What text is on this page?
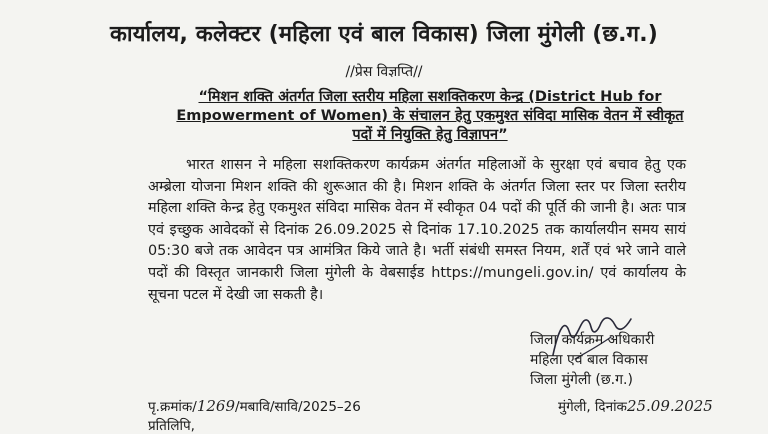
कार्यालय, कलेक्टर (महिला एवं बाल विकास) जिला मुंगेली (छ.ग.)
//प्रेस विज्ञप्ति//
“मिशन शक्ति अंतर्गत जिला स्तरीय महिला सशक्तिकरण केन्द्र (District Hub for
Empowerment of Women) के संचालन हेतु एकमुश्त संविदा मासिक वेतन में स्वीकृत
पदों में नियुक्ति हेतु विज्ञापन”

भारत शासन ने महिला सशक्तिकरण कार्यक्रम अंतर्गत महिलाओं के सुरक्षा एवं बचाव हेतु एक अम्ब्रेला योजना मिशन शक्ति की शुरूआत की है। मिशन शक्ति के अंतर्गत जिला स्तर पर जिला स्तरीय महिला शक्ति केन्द्र हेतु एकमुश्त संविदा मासिक वेतन में स्वीकृत 04 पदों की पूर्ति की जानी है। अतः पात्र एवं इच्छुक आवेदकों से दिनांक 26.09.2025 से दिनांक 17.10.2025 तक कार्यालयीन समय सायं 05:30 बजे तक आवेदन पत्र आमंत्रित किये जाते है। भर्ती संबंधी समस्त नियम, शर्तें एवं भरे जाने वाले पदों की विस्तृत जानकारी जिला मुंगेली के वेबसाईड https://mungeli.gov.in/ एवं कार्यालय के सूचना पटल में देखी जा सकती है।

जिला कार्यक्रम अधिकारी
महिला एवं बाल विकास
जिला मुंगेली (छ.ग.)
पृ.क्रमांक/1269/मबावि/सावि/2025–26
प्रतिलिपि,
मुंगेली, दिनांक25.09.2025
